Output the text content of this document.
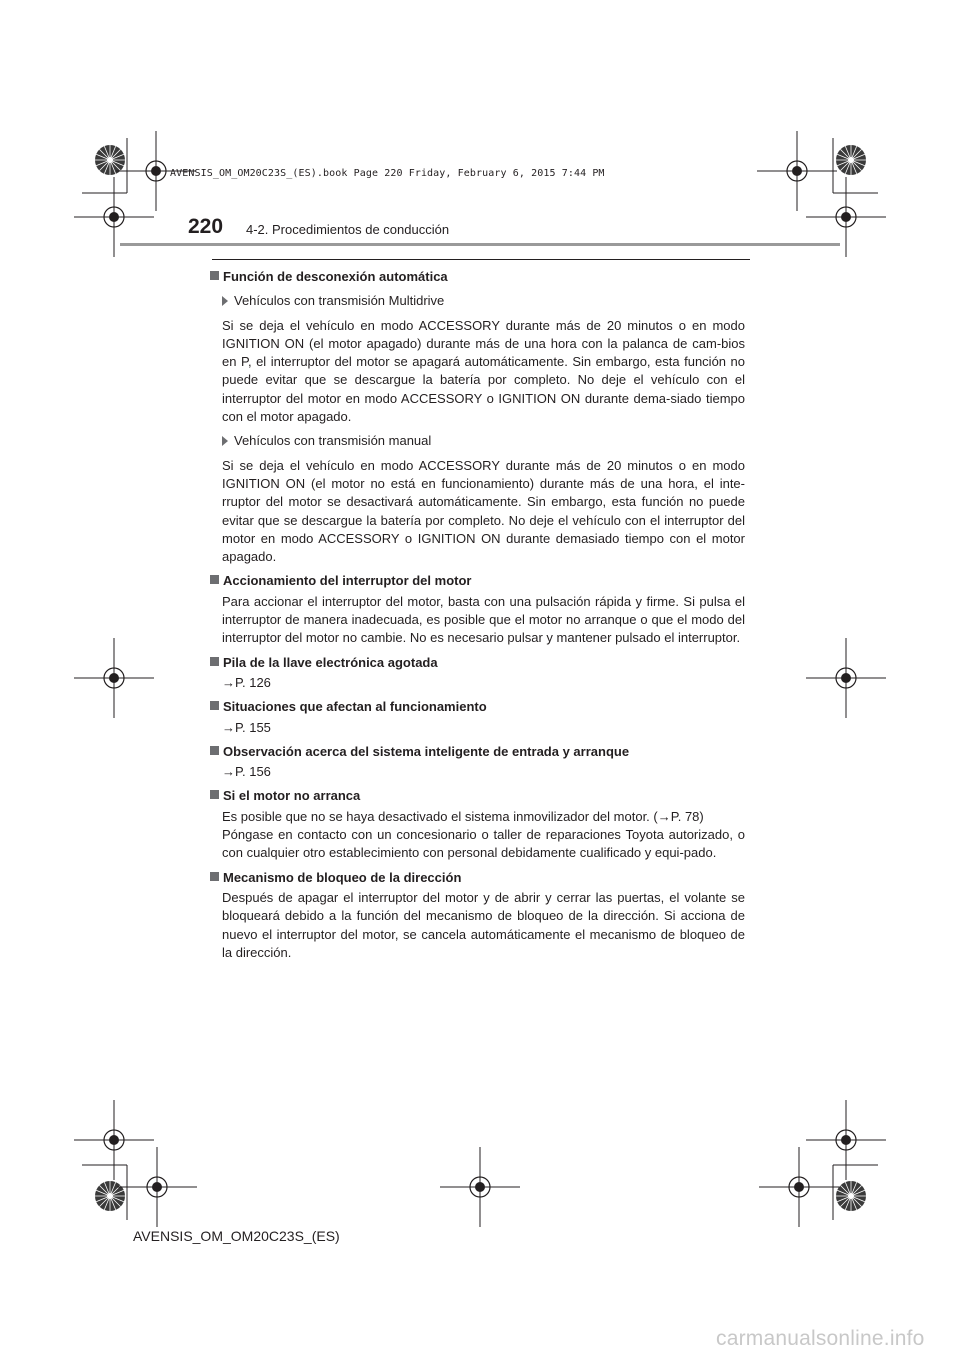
AVENSIS_OM_OM20C23S_(ES).book Page 220 Friday, February 6, 2015 7:44 PM
220 4-2. Procedimientos de conducción
Función de desconexión automática
Vehículos con transmisión Multidrive
Si se deja el vehículo en modo ACCESSORY durante más de 20 minutos o en modo IGNITION ON (el motor apagado) durante más de una hora con la palanca de cam-bios en P, el interruptor del motor se apagará automáticamente. Sin embargo, esta función no puede evitar que se descargue la batería por completo. No deje el vehículo con el interruptor del motor en modo ACCESSORY o IGNITION ON durante dema-siado tiempo con el motor apagado.
Vehículos con transmisión manual
Si se deja el vehículo en modo ACCESSORY durante más de 20 minutos o en modo IGNITION ON (el motor no está en funcionamiento) durante más de una hora, el inte-rruptor del motor se desactivará automáticamente. Sin embargo, esta función no puede evitar que se descargue la batería por completo. No deje el vehículo con el interruptor del motor en modo ACCESSORY o IGNITION ON durante demasiado tiempo con el motor apagado.
Accionamiento del interruptor del motor
Para accionar el interruptor del motor, basta con una pulsación rápida y firme. Si pulsa el interruptor de manera inadecuada, es posible que el motor no arranque o que el modo del interruptor del motor no cambie. No es necesario pulsar y mantener pulsado el interruptor.
Pila de la llave electrónica agotada
→P. 126
Situaciones que afectan al funcionamiento
→P. 155
Observación acerca del sistema inteligente de entrada y arranque
→P. 156
Si el motor no arranca
Es posible que no se haya desactivado el sistema inmovilizador del motor. (→P. 78)
Póngase en contacto con un concesionario o taller de reparaciones Toyota autorizado, o con cualquier otro establecimiento con personal debidamente cualificado y equi-pado.
Mecanismo de bloqueo de la dirección
Después de apagar el interruptor del motor y de abrir y cerrar las puertas, el volante se bloqueará debido a la función del mecanismo de bloqueo de la dirección. Si acciona de nuevo el interruptor del motor, se cancela automáticamente el mecanismo de bloqueo de la dirección.
AVENSIS_OM_OM20C23S_(ES)
carmanualsonline.info
